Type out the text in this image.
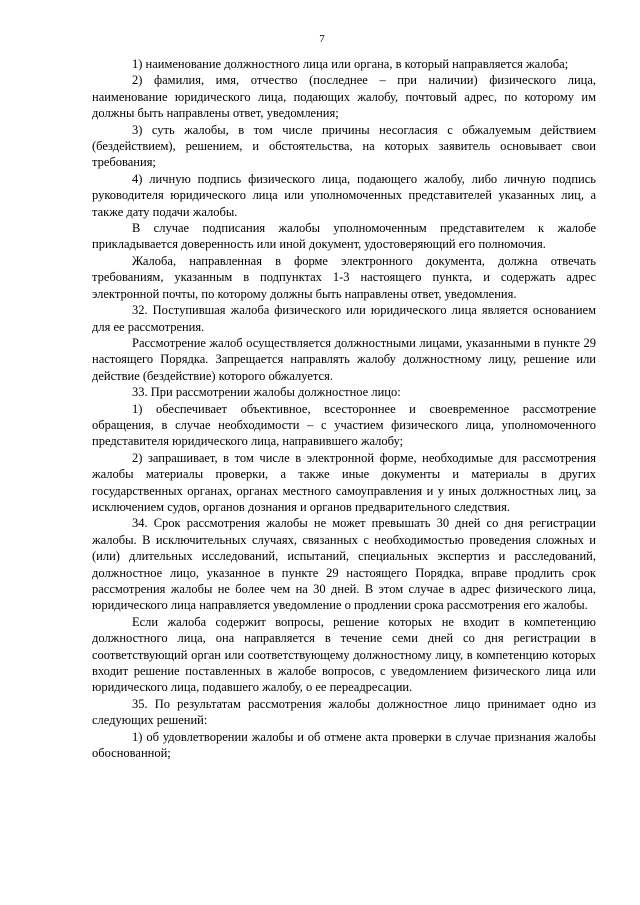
7

1) наименование должностного лица или органа, в который направляется жалоба;

2) фамилия, имя, отчество (последнее – при наличии) физического лица, наименование юридического лица, подающих жалобу, почтовый адрес, по которому им должны быть направлены ответ, уведомления;

3) суть жалобы, в том числе причины несогласия с обжалуемым действием (бездействием), решением, и обстоятельства, на которых заявитель основывает свои требования;

4) личную подпись физического лица, подающего жалобу, либо личную подпись руководителя юридического лица или уполномоченных представителей указанных лиц, а также дату подачи жалобы.

В случае подписания жалобы уполномоченным представителем к жалобе прикладывается доверенность или иной документ, удостоверяющий его полномочия.

Жалоба, направленная в форме электронного документа, должна отвечать требованиям, указанным в подпунктах 1-3 настоящего пункта, и содержать адрес электронной почты, по которому должны быть направлены ответ, уведомления.

32. Поступившая жалоба физического или юридического лица является основанием для ее рассмотрения.

Рассмотрение жалоб осуществляется должностными лицами, указанными в пункте 29 настоящего Порядка. Запрещается направлять жалобу должностному лицу, решение или действие (бездействие) которого обжалуется.

33. При рассмотрении жалобы должностное лицо:

1) обеспечивает объективное, всестороннее и своевременное рассмотрение обращения, в случае необходимости – с участием физического лица, уполномоченного представителя юридического лица, направившего жалобу;

2) запрашивает, в том числе в электронной форме, необходимые для рассмотрения жалобы материалы проверки, а также иные документы и материалы в других государственных органах, органах местного самоуправления и у иных должностных лиц, за исключением судов, органов дознания и органов предварительного следствия.

34. Срок рассмотрения жалобы не может превышать 30 дней со дня регистрации жалобы. В исключительных случаях, связанных с необходимостью проведения сложных и (или) длительных исследований, испытаний, специальных экспертиз и расследований, должностное лицо, указанное в пункте 29 настоящего Порядка, вправе продлить срок рассмотрения жалобы не более чем на 30 дней. В этом случае в адрес физического лица, юридического лица направляется уведомление о продлении срока рассмотрения его жалобы.

Если жалоба содержит вопросы, решение которых не входит в компетенцию должностного лица, она направляется в течение семи дней со дня регистрации в соответствующий орган или соответствующему должностному лицу, в компетенцию которых входит решение поставленных в жалобе вопросов, с уведомлением физического лица или юридического лица, подавшего жалобу, о ее переадресации.

35. По результатам рассмотрения жалобы должностное лицо принимает одно из следующих решений:

1) об удовлетворении жалобы и об отмене акта проверки в случае признания жалобы обоснованной;
